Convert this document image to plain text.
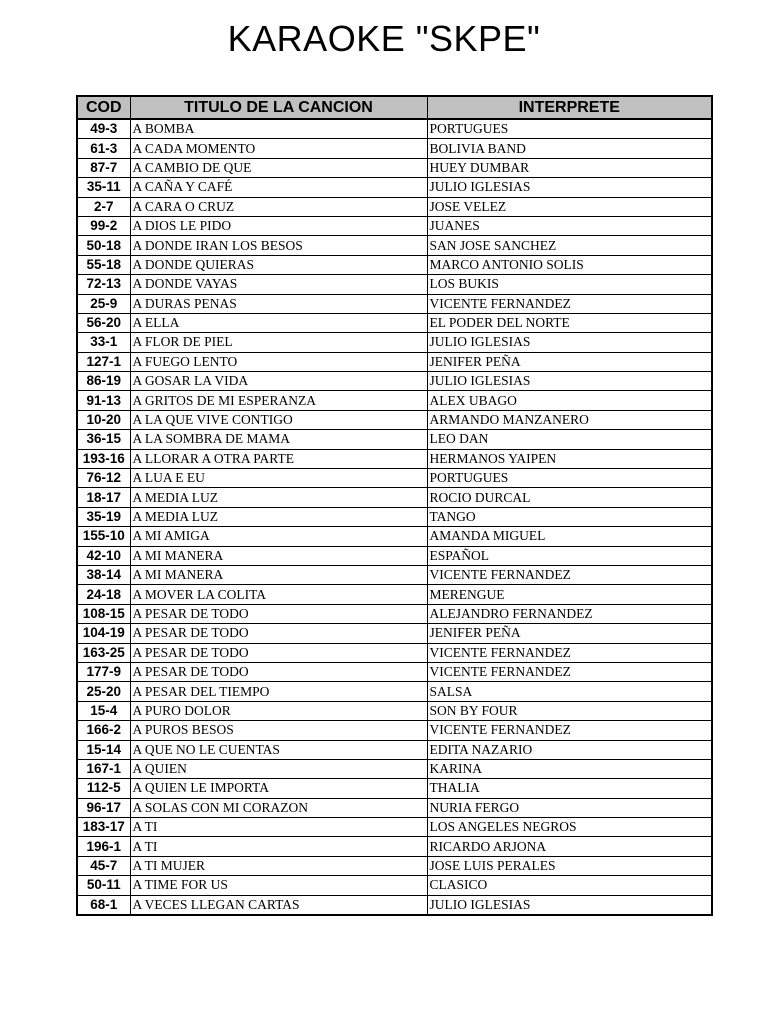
KARAOKE "SKPE"
COD	TITULO DE LA CANCION	INTERPRETE
49-3	A BOMBA	PORTUGUES
61-3	A CADA MOMENTO	BOLIVIA BAND
87-7	A CAMBIO DE QUE	HUEY DUMBAR
35-11	A CAÑA Y CAFÉ	JULIO IGLESIAS
2-7	A CARA O CRUZ	JOSE VELEZ
99-2	A DIOS LE PIDO	JUANES
50-18	A DONDE IRAN LOS BESOS	SAN JOSE SANCHEZ
55-18	A DONDE QUIERAS	MARCO ANTONIO SOLIS
72-13	A DONDE VAYAS	LOS BUKIS
25-9	A DURAS PENAS	VICENTE FERNANDEZ
56-20	A ELLA	EL PODER DEL NORTE
33-1	A FLOR DE PIEL	JULIO IGLESIAS
127-1	A FUEGO LENTO	JENIFER PEÑA
86-19	A GOSAR LA VIDA	JULIO IGLESIAS
91-13	A GRITOS DE MI ESPERANZA	ALEX UBAGO
10-20	A LA QUE VIVE CONTIGO	ARMANDO MANZANERO
36-15	A LA SOMBRA DE MAMA	LEO DAN
193-16	A LLORAR A OTRA PARTE	HERMANOS YAIPEN
76-12	A LUA E EU	PORTUGUES
18-17	A MEDIA LUZ	ROCIO DURCAL
35-19	A MEDIA LUZ	TANGO
155-10	A MI AMIGA	AMANDA MIGUEL
42-10	A MI MANERA	ESPAÑOL
38-14	A MI MANERA	VICENTE FERNANDEZ
24-18	A MOVER LA COLITA	MERENGUE
108-15	A PESAR DE TODO	ALEJANDRO FERNANDEZ
104-19	A PESAR DE TODO	JENIFER PEÑA
163-25	A PESAR DE TODO	VICENTE FERNANDEZ
177-9	A PESAR DE TODO	VICENTE FERNANDEZ
25-20	A PESAR DEL TIEMPO	SALSA
15-4	A PURO DOLOR	SON BY FOUR
166-2	A PUROS BESOS	VICENTE FERNANDEZ
15-14	A QUE NO LE CUENTAS	EDITA NAZARIO
167-1	A QUIEN	KARINA
112-5	A QUIEN LE IMPORTA	THALIA
96-17	A SOLAS CON MI CORAZON	NURIA FERGO
183-17	A TI	LOS ANGELES NEGROS
196-1	A TI	RICARDO ARJONA
45-7	A TI MUJER	JOSE LUIS PERALES
50-11	A TIME FOR US	CLASICO
68-1	A VECES LLEGAN CARTAS	JULIO IGLESIAS
